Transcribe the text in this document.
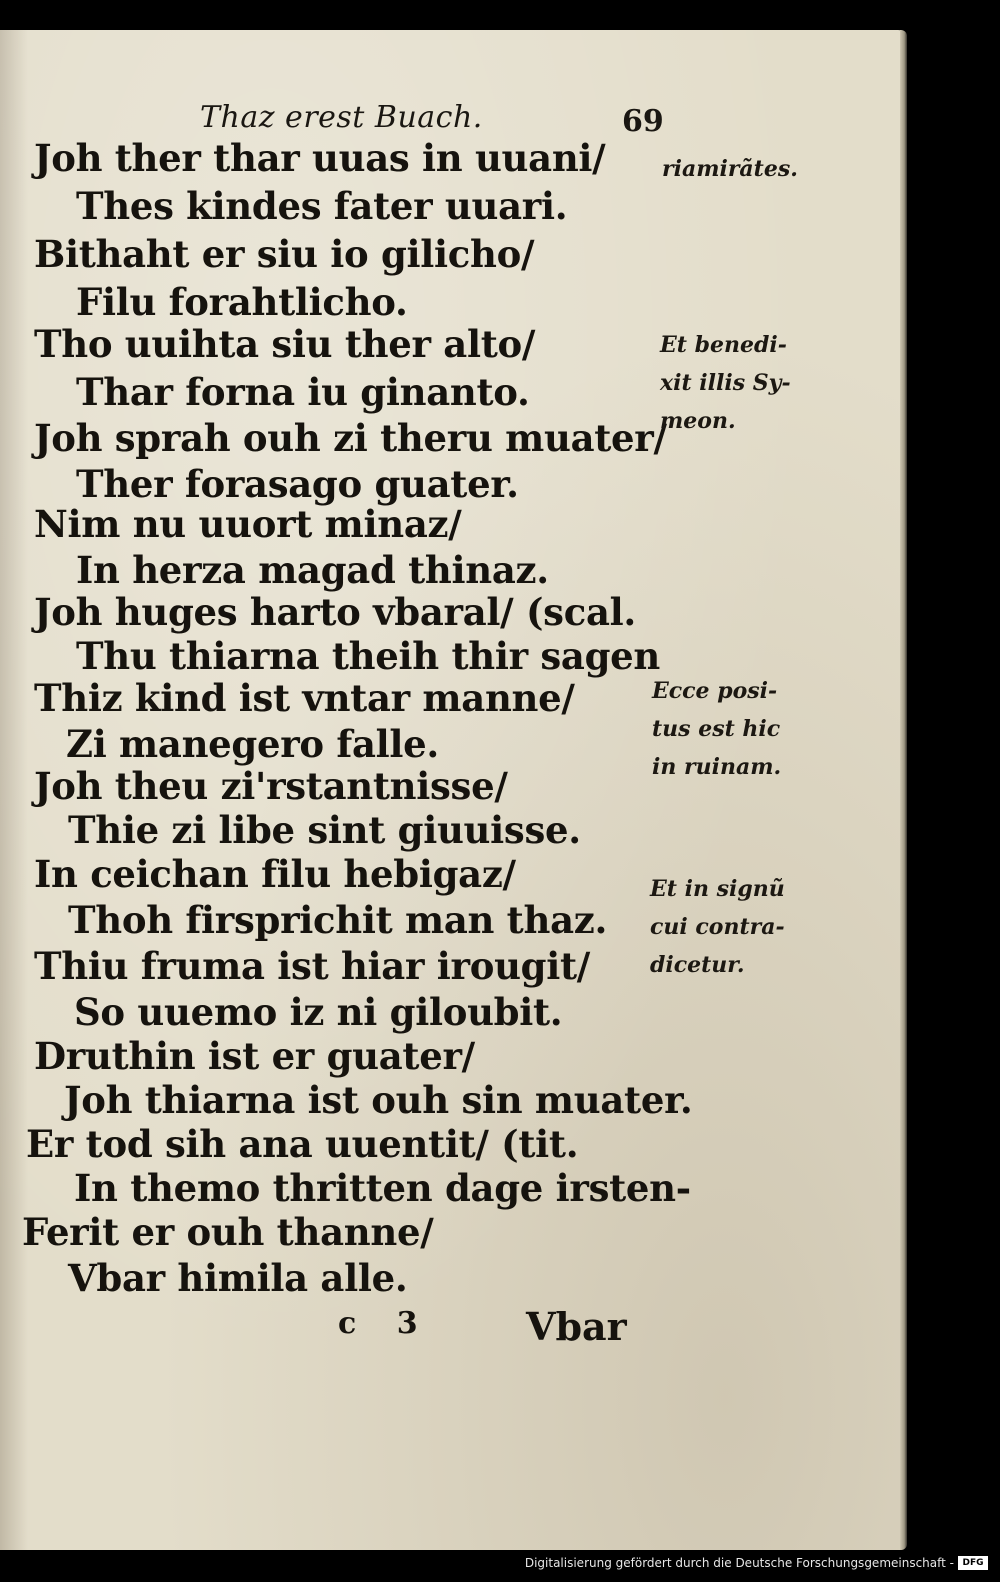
Thaz erest Buach.	69
Joh ther thar uuas in uuani/
Thes kindes fater uuari.
Bithaht er siu io gilicho/
Filu forahtlicho.
Tho uuihta siu ther alto/
Thar forna iu ginanto.
Joh sprah ouh zi theru muater/
Ther forasago guater.
Nim nu uuort minaz/
In herza magad thinaz.
Joh huges harto vbaral/ (scal.
Thu thiarna theih thir sagen
Thiz kind ist vntar manne/
Zi manegero falle.
Joh theu zi'rstantnisse/
Thie zi libe sint giuuisse.
In ceichan filu hebigaz/
Thoh firsprichit man thaz.
Thiu fruma ist hiar irougit/
So uuemo iz ni giloubit.
Druthin ist er guater/
Joh thiarna ist ouh sin muater.
Er tod sih ana uuentit/ (tit.
In themo thritten dage irsten-
Ferit er ouh thanne/
Vbar himila alle.
riamirãtes.
Et benedi-
xit illis Sy-
meon.
Ecce posi-
tus est hic
in ruinam.
Et in signũ
cui contra-
dicetur.
c 3	Vbar
Digitalisierung gefördert durch die Deutsche Forschungsgemeinschaft - DFG
